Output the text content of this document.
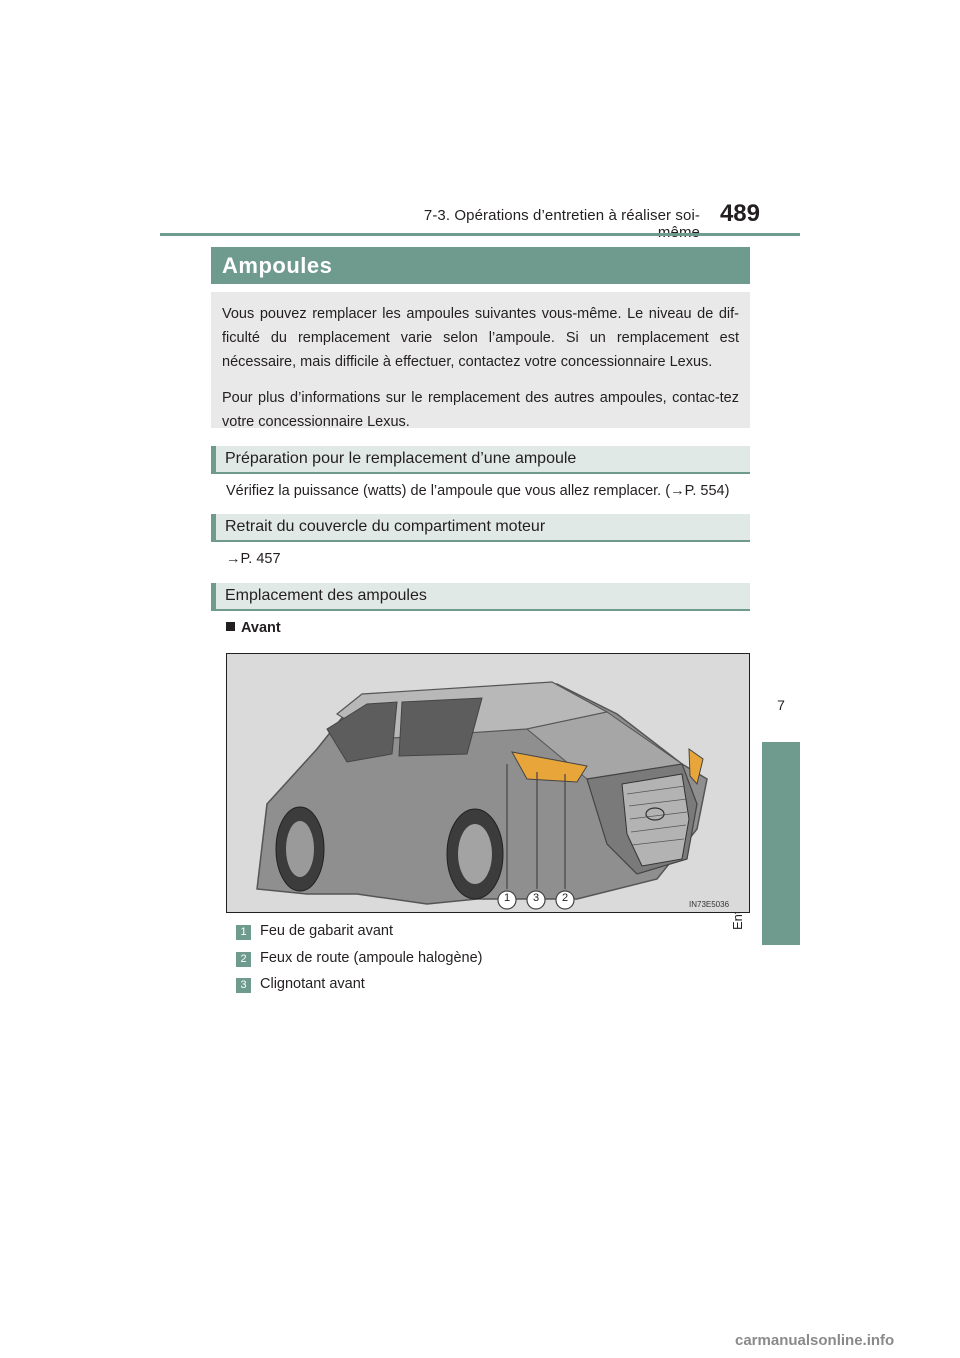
7-3. Opérations d’entretien à réaliser soi- 489
7
Ampoules

Vous pouvez remplacer les ampoules suivantes vous-même. Le niveau de dif-ficulté du remplacement varie selon l’ampoule. Si un remplacement est nécessaire, mais difficile à effectuer, contactez votre concessionnaire Lexus.

Pour plus d’informations sur le remplacement des autres ampoules, contac-tez votre concessionnaire Lexus.

Préparation pour le remplacement d’une ampoule
Vérifiez la puissance (watts) de l’ampoule que vous allez remplacer. (→P. 554)
Retrait du couvercle du compartiment moteur
→P. 457
Emplacement des ampoules
Avant
1 3 2
IN73E5036
1 Feu de gabarit avant
2 Feux de route (ampoule halogène)
3 Clignotant avant
carmanualsonline.info
